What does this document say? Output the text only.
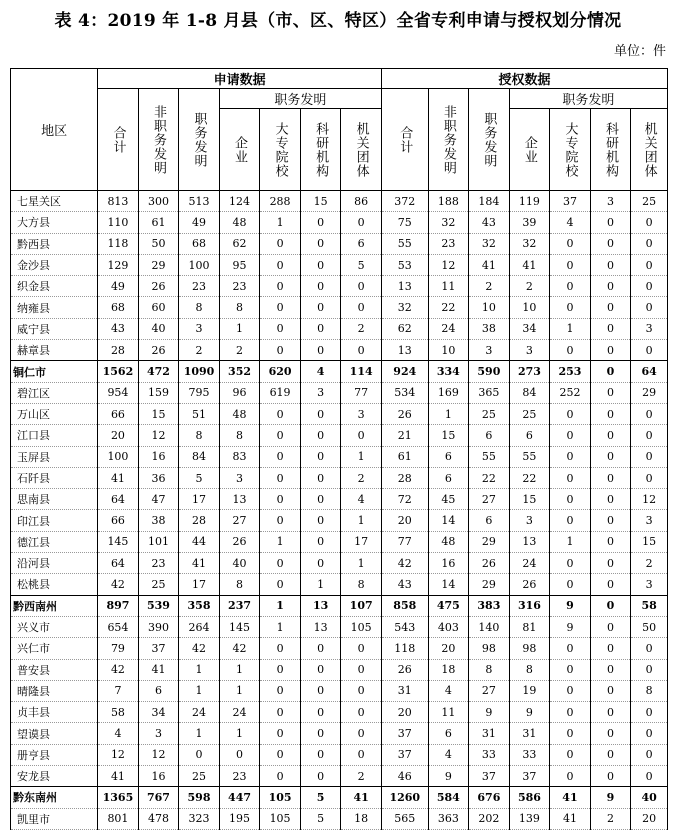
表 4：2019 年 1-8 月县（市、区、特区）全省专利申请与授权划分情况
单位：件
地区	申请数据							授权数据						

	合计	非职务发明	职务发明	职务发明				合计	非职务发明	职务发明	职务发明			

				企业	大专院校	科研机构	机关团体				企业	大专院校	科研机构	机关团体

七星关区	813	300	513	124	288	15	86	372	188	184	119	37	3	25
大方县	110	61	49	48	1	0	0	75	32	43	39	4	0	0
黔西县	118	50	68	62	0	0	6	55	23	32	32	0	0	0
金沙县	129	29	100	95	0	0	5	53	12	41	41	0	0	0
织金县	49	26	23	23	0	0	0	13	11	2	2	0	0	0
纳雍县	68	60	8	8	0	0	0	32	22	10	10	0	0	0
威宁县	43	40	3	1	0	0	2	62	24	38	34	1	0	3
赫章县	28	26	2	2	0	0	0	13	10	3	3	0	0	0
铜仁市	1562	472	1090	352	620	4	114	924	334	590	273	253	0	64
碧江区	954	159	795	96	619	3	77	534	169	365	84	252	0	29
万山区	66	15	51	48	0	0	3	26	1	25	25	0	0	0
江口县	20	12	8	8	0	0	0	21	15	6	6	0	0	0
玉屏县	100	16	84	83	0	0	1	61	6	55	55	0	0	0
石阡县	41	36	5	3	0	0	2	28	6	22	22	0	0	0
思南县	64	47	17	13	0	0	4	72	45	27	15	0	0	12
印江县	66	38	28	27	0	0	1	20	14	6	3	0	0	3
德江县	145	101	44	26	1	0	17	77	48	29	13	1	0	15
沿河县	64	23	41	40	0	0	1	42	16	26	24	0	0	2
松桃县	42	25	17	8	0	1	8	43	14	29	26	0	0	3
黔西南州	897	539	358	237	1	13	107	858	475	383	316	9	0	58
兴义市	654	390	264	145	1	13	105	543	403	140	81	9	0	50
兴仁市	79	37	42	42	0	0	0	118	20	98	98	0	0	0
普安县	42	41	1	1	0	0	0	26	18	8	8	0	0	0
晴隆县	7	6	1	1	0	0	0	31	4	27	19	0	0	8
贞丰县	58	34	24	24	0	0	0	20	11	9	9	0	0	0
望谟县	4	3	1	1	0	0	0	37	6	31	31	0	0	0
册亨县	12	12	0	0	0	0	0	37	4	33	33	0	0	0
安龙县	41	16	25	23	0	0	2	46	9	37	37	0	0	0
黔东南州	1365	767	598	447	105	5	41	1260	584	676	586	41	9	40
凯里市	801	478	323	195	105	5	18	565	363	202	139	41	2	20
